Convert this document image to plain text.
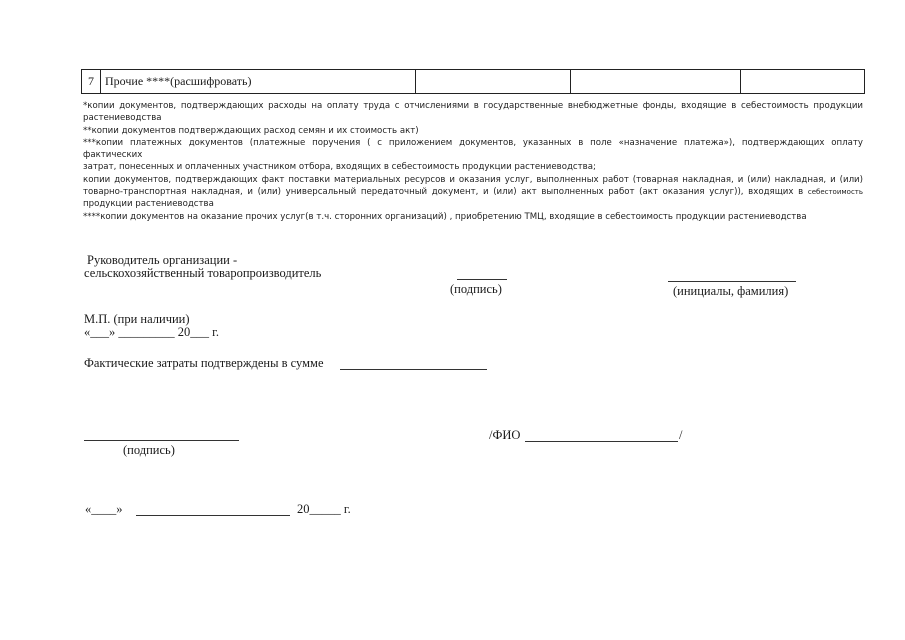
7	Прочие ****(расшифровать)			

*копии документов, подтверждающих расходы на оплату труда с отчислениями в государственные внебюджетные фонды, входящие в себестоимость продукции

растениеводства

**копии документов подтверждающих расход семян и их стоимость акт)

***копии платежных документов (платежные поручения ( с приложением документов, указанных в поле «назначение платежа»), подтверждающих оплату фактических

затрат, понесенных и оплаченных участником отбора, входящих в себестоимость продукции растениеводства;

копии документов, подтверждающих факт поставки материальных ресурсов и оказания услуг, выполненных работ (товарная накладная, и (или) накладная, и (или)

товарно-транспортная накладная, и (или) универсальный передаточный документ, и (или) акт выполненных работ (акт оказания услуг)), входящих в себестоимость

продукции растениеводства

****копии документов на оказание прочих услуг(в т.ч. сторонних организаций) , приобретению ТМЦ, входящие в себестоимость продукции растениеводства

Руководитель организации -
сельскохозяйственный товаропроизводитель
(подпись)	(инициалы, фамилия)
М.П. (при наличии)
«___» _________ 20___ г.
Фактические затраты подтверждены в сумме
(подпись)
/ФИО	/
«____»	20_____ г.
